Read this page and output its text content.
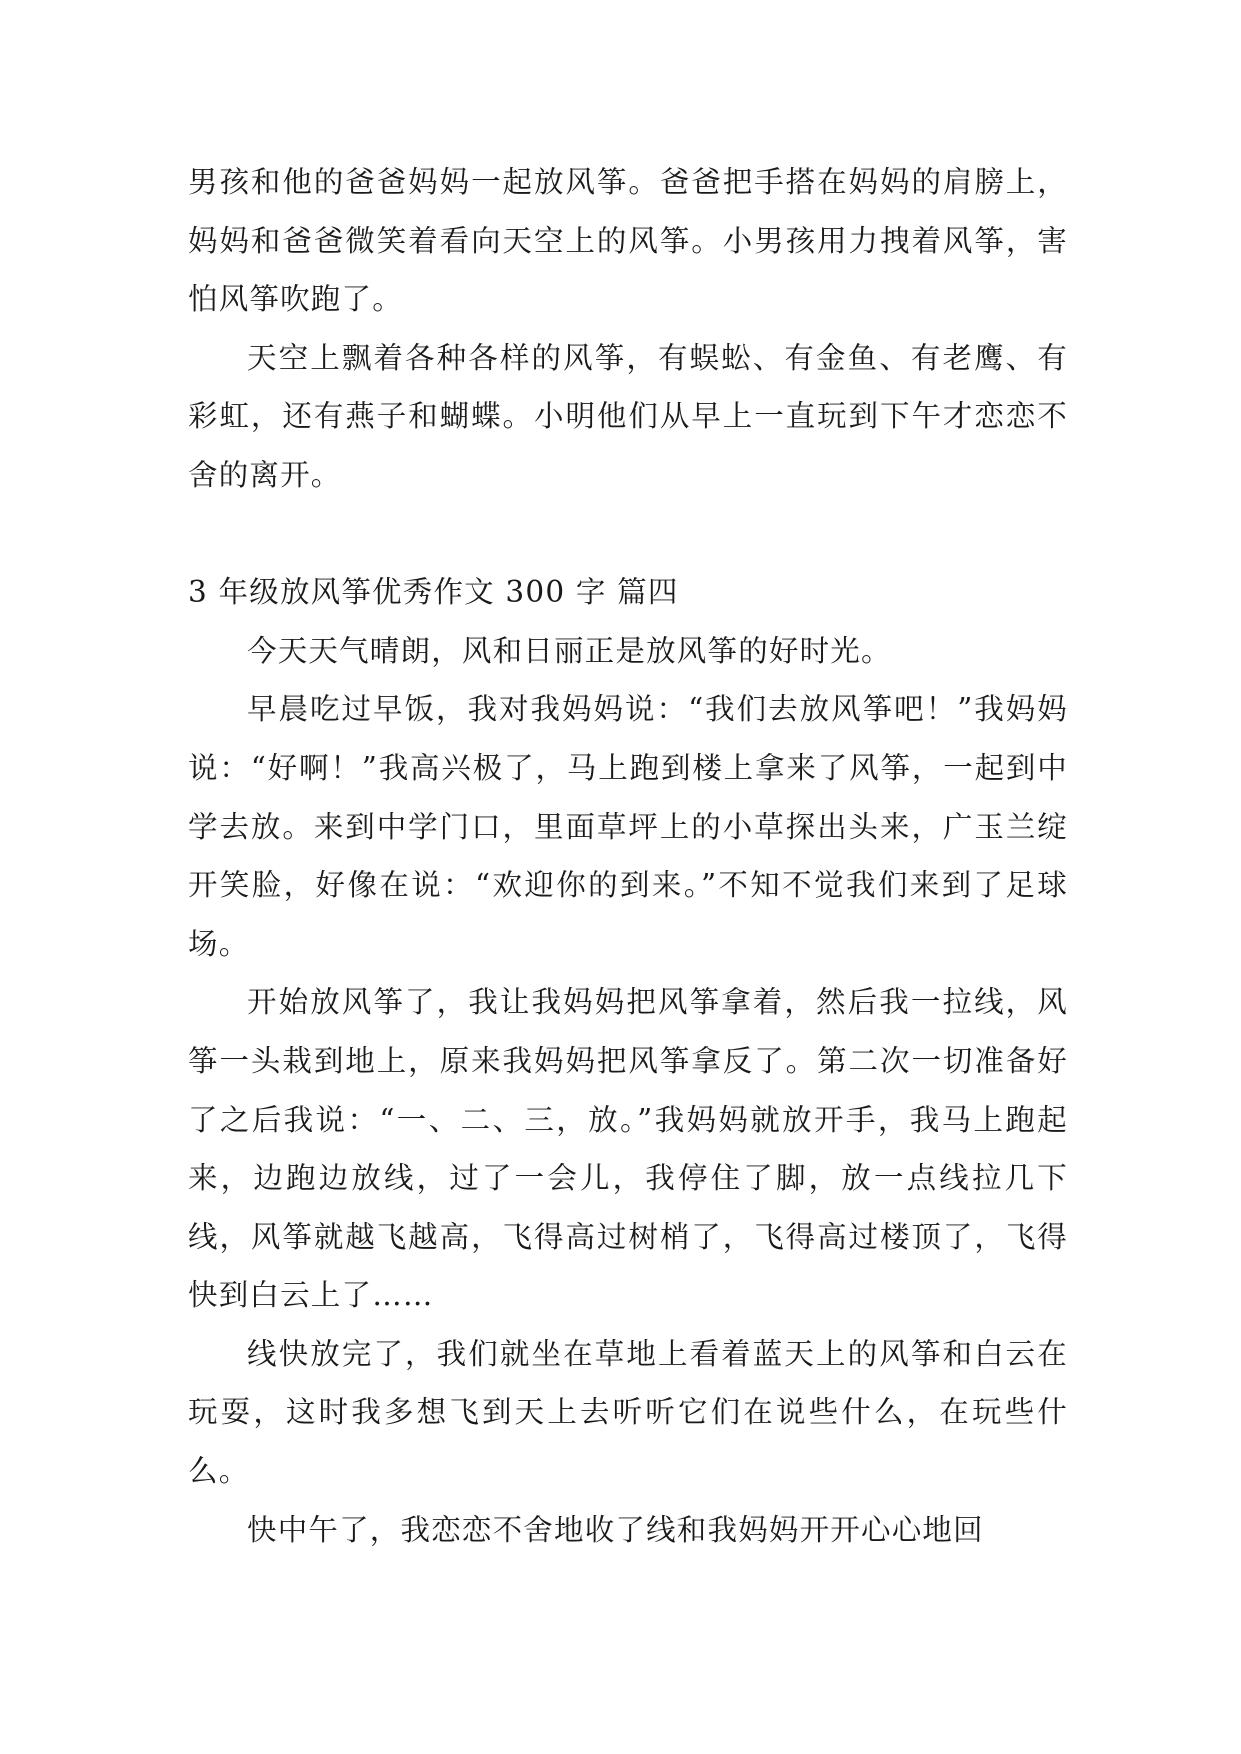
男孩和他的爸爸妈妈一起放风筝。爸爸把手搭在妈妈的肩膀上，妈妈和爸爸微笑着看向天空上的风筝。小男孩用力拽着风筝，害怕风筝吹跑了。

天空上飘着各种各样的风筝，有蜈蚣、有金鱼、有老鹰、有彩虹，还有燕子和蝴蝶。小明他们从早上一直玩到下午才恋恋不舍的离开。

3 年级放风筝优秀作文 300 字 篇四

今天天气晴朗，风和日丽正是放风筝的好时光。

早晨吃过早饭，我对我妈妈说：“我们去放风筝吧！”我妈妈说：“好啊！”我高兴极了，马上跑到楼上拿来了风筝，一起到中学去放。来到中学门口，里面草坪上的小草探出头来，广玉兰绽开笑脸，好像在说：“欢迎你的到来。”不知不觉我们来到了足球场。

开始放风筝了，我让我妈妈把风筝拿着，然后我一拉线，风筝一头栽到地上，原来我妈妈把风筝拿反了。第二次一切准备好了之后我说：“一、二、三，放。”我妈妈就放开手，我马上跑起来，边跑边放线，过了一会儿，我停住了脚，放一点线拉几下线，风筝就越飞越高，飞得高过树梢了，飞得高过楼顶了，飞得快到白云上了……

线快放完了，我们就坐在草地上看着蓝天上的风筝和白云在玩耍，这时我多想飞到天上去听听它们在说些什么，在玩些什么。

快中午了，我恋恋不舍地收了线和我妈妈开开心心地回
